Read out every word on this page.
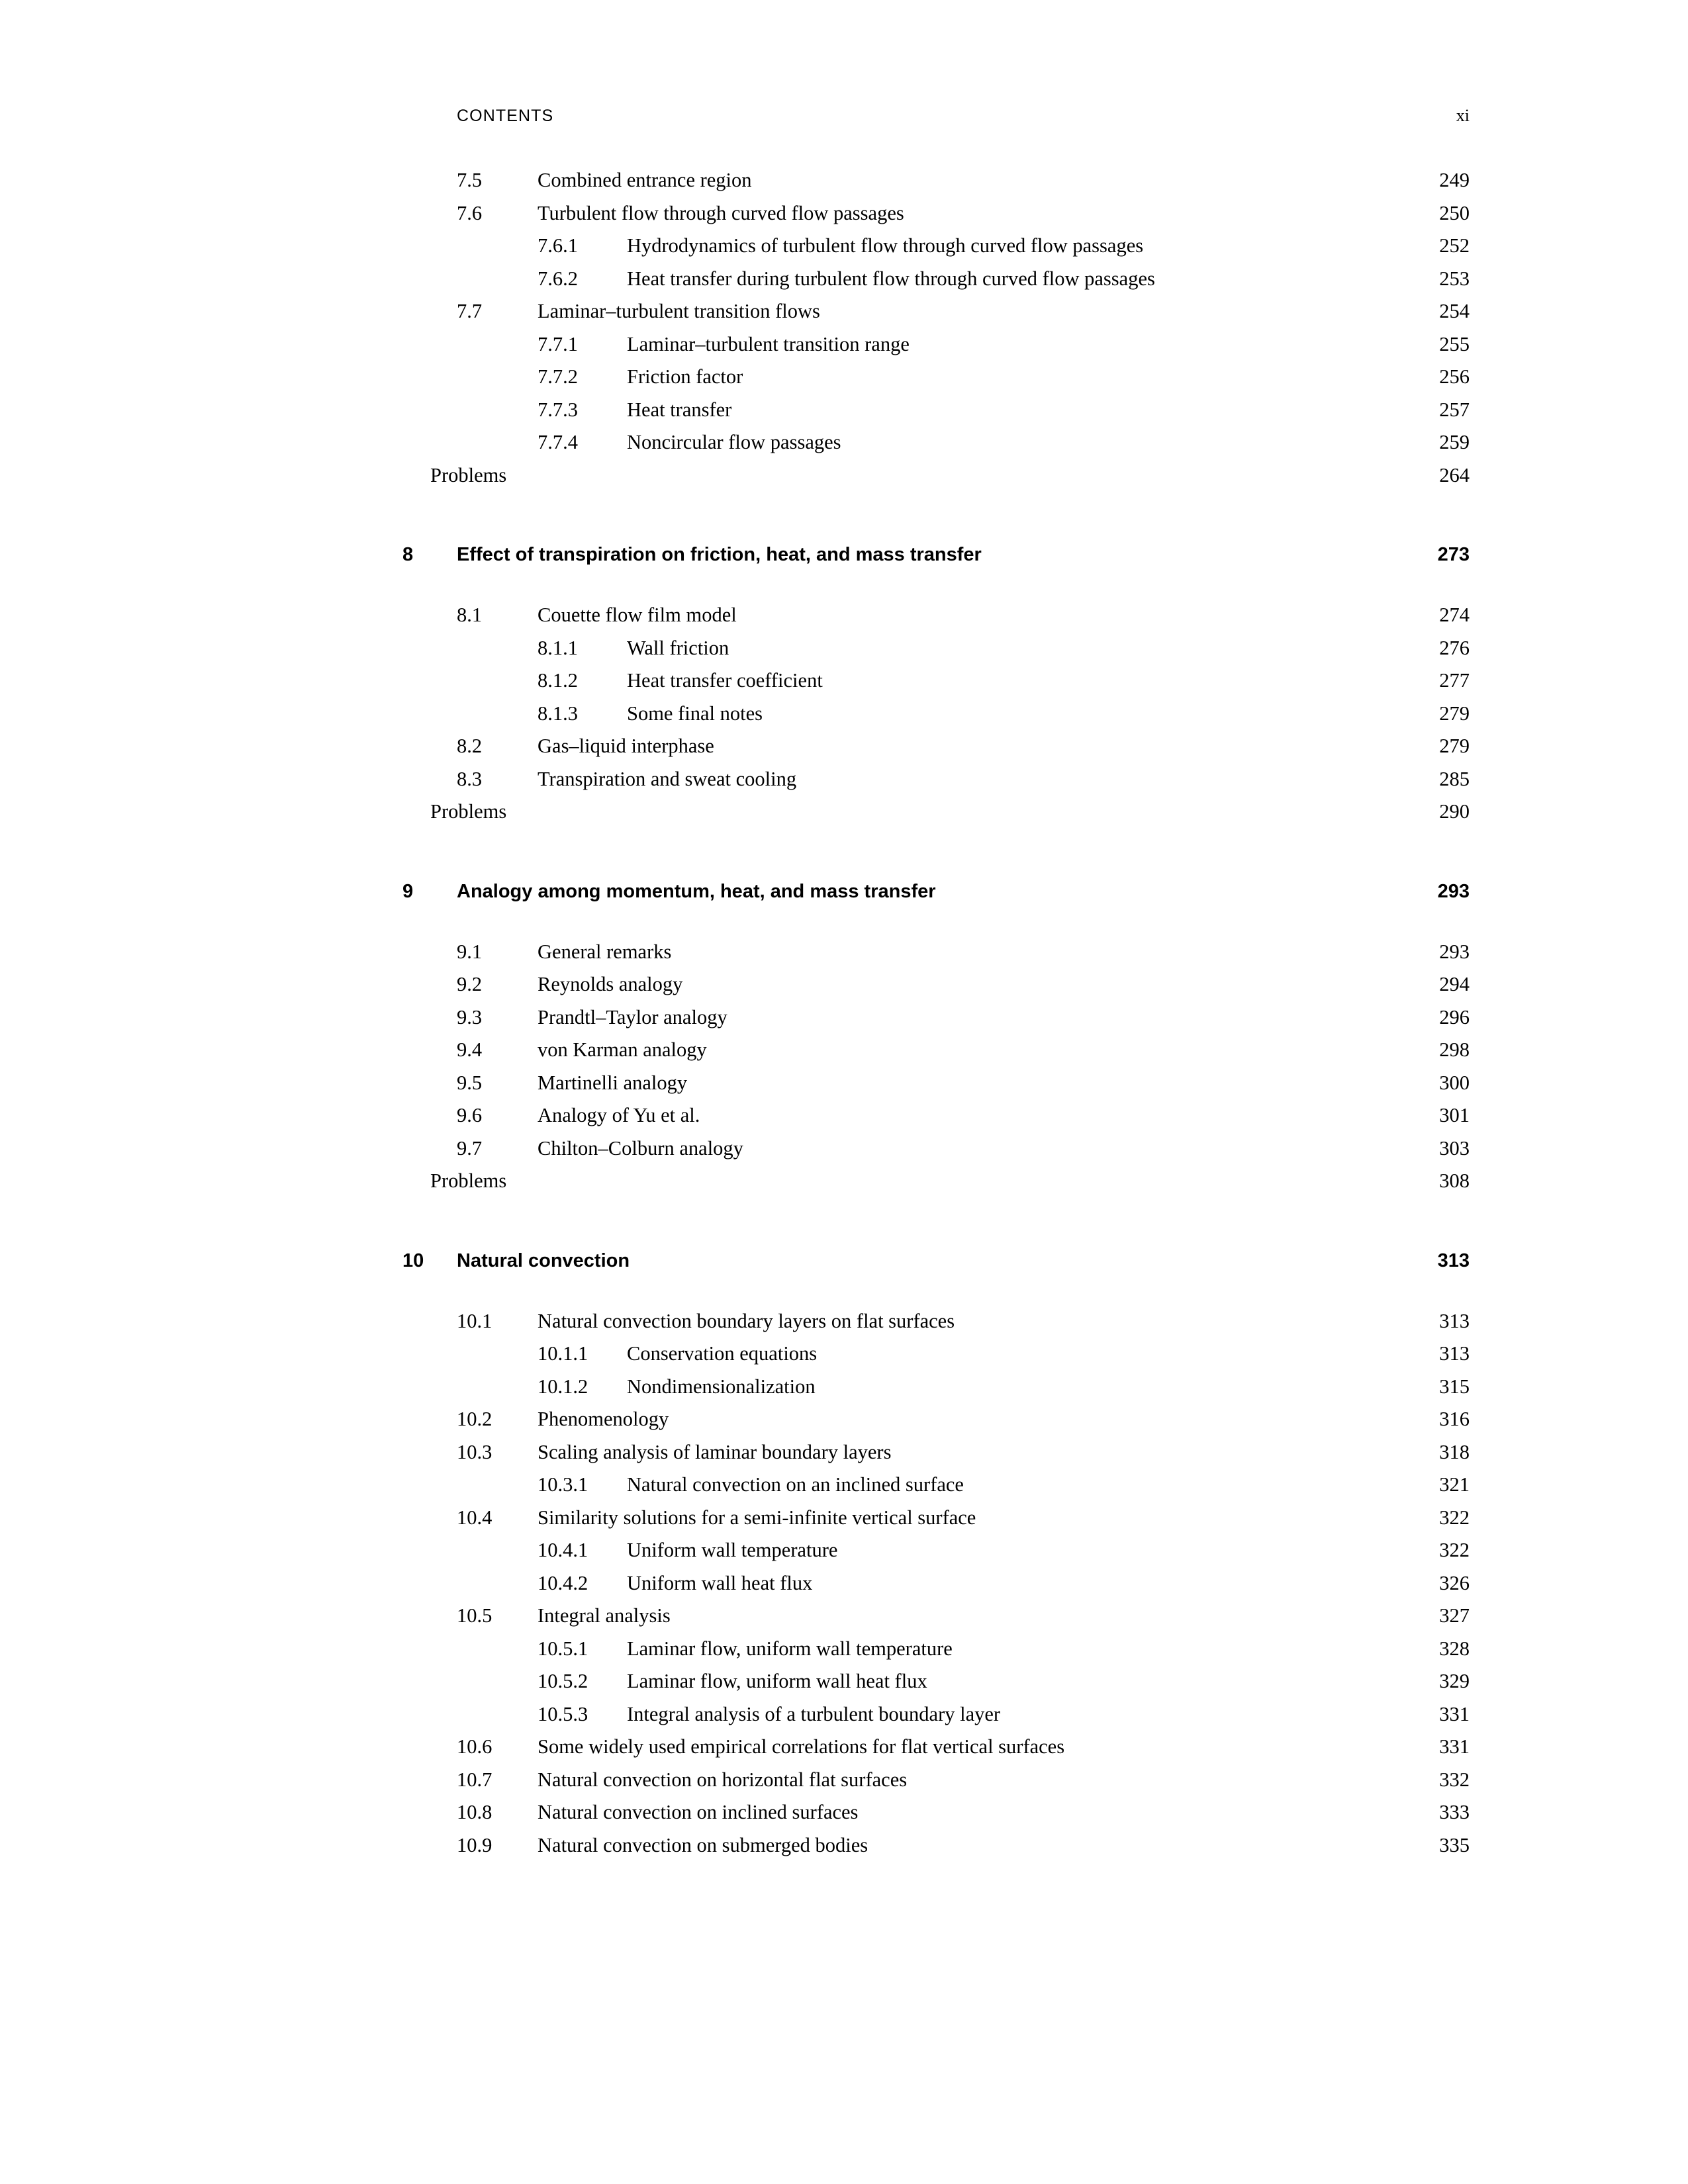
CONTENTS	xi
7.5	Combined entrance region	249
7.6	Turbulent flow through curved flow passages	250
7.6.1	Hydrodynamics of turbulent flow through curved flow passages	252
7.6.2	Heat transfer during turbulent flow through curved flow passages	253
7.7	Laminar–turbulent transition flows	254
7.7.1	Laminar–turbulent transition range	255
7.7.2	Friction factor	256
7.7.3	Heat transfer	257
7.7.4	Noncircular flow passages	259
Problems	264
8	Effect of transpiration on friction, heat, and mass transfer	273
8.1	Couette flow film model	274
8.1.1	Wall friction	276
8.1.2	Heat transfer coefficient	277
8.1.3	Some final notes	279
8.2	Gas–liquid interphase	279
8.3	Transpiration and sweat cooling	285
Problems	290
9	Analogy among momentum, heat, and mass transfer	293
9.1	General remarks	293
9.2	Reynolds analogy	294
9.3	Prandtl–Taylor analogy	296
9.4	von Karman analogy	298
9.5	Martinelli analogy	300
9.6	Analogy of Yu et al.	301
9.7	Chilton–Colburn analogy	303
Problems	308
10	Natural convection	313
10.1	Natural convection boundary layers on flat surfaces	313
10.1.1	Conservation equations	313
10.1.2	Nondimensionalization	315
10.2	Phenomenology	316
10.3	Scaling analysis of laminar boundary layers	318
10.3.1	Natural convection on an inclined surface	321
10.4	Similarity solutions for a semi-infinite vertical surface	322
10.4.1	Uniform wall temperature	322
10.4.2	Uniform wall heat flux	326
10.5	Integral analysis	327
10.5.1	Laminar flow, uniform wall temperature	328
10.5.2	Laminar flow, uniform wall heat flux	329
10.5.3	Integral analysis of a turbulent boundary layer	331
10.6	Some widely used empirical correlations for flat vertical surfaces	331
10.7	Natural convection on horizontal flat surfaces	332
10.8	Natural convection on inclined surfaces	333
10.9	Natural convection on submerged bodies	335
